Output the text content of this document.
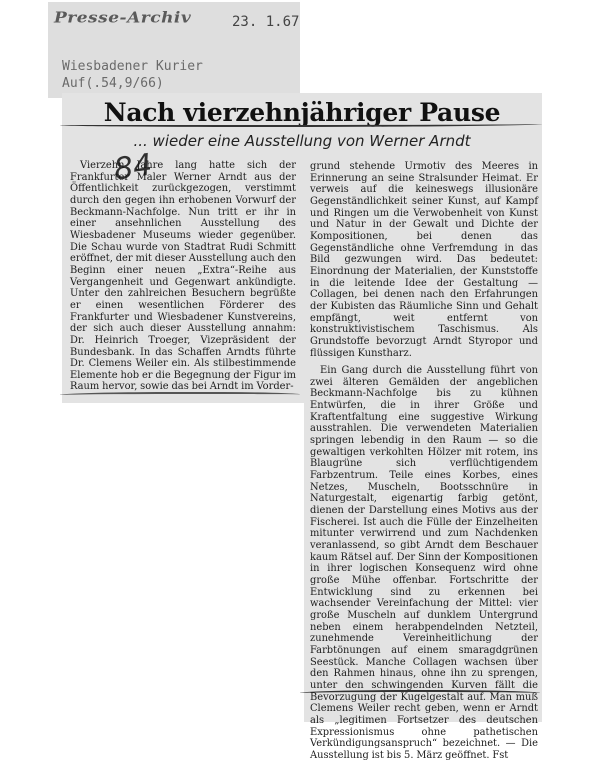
Presse-Archiv	23. 1.67
Wiesbadener Kurier
Auf(.54,9/66)
Nach vierzehnjähriger Pause
... wieder eine Ausstellung von Werner Arndt

Vierzehn Jahre lang hatte sich der Frankfurter Maler Werner Arndt aus der Öffentlichkeit zurückgezogen, verstimmt durch den gegen ihn erhobenen Vorwurf der Beckmann-Nachfolge. Nun tritt er ihr in einer ansehnlichen Ausstellung des Wiesbadener Museums wieder gegenüber. Die Schau wurde von Stadtrat Rudi Schmitt eröffnet, der mit dieser Ausstellung auch den Beginn einer neuen „Extra“-Reihe aus Vergangenheit und Gegenwart ankündigte. Unter den zahlreichen Besuchern begrüßte er einen wesentlichen Förderer des Frankfurter und Wiesbadener Kunstvereins, der sich auch dieser Ausstellung annahm: Dr. Heinrich Troeger, Vizepräsident der Bundesbank. In das Schaffen Arndts führte Dr. Clemens Weiler ein. Als stilbestimmende Elemente hob er die Begegnung der Figur im Raum hervor, sowie das bei Arndt im Vorder-

grund stehende Urmotiv des Meeres in Erinnerung an seine Stralsunder Heimat. Er verweis auf die keineswegs illusionäre Gegenständlichkeit seiner Kunst, auf Kampf und Ringen um die Verwobenheit von Kunst und Natur in der Gewalt und Dichte der Kompositionen, bei denen das Gegenständliche ohne Verfremdung in das Bild gezwungen wird. Das bedeutet: Einordnung der Materialien, der Kunststoffe in die leitende Idee der Gestaltung — Collagen, bei denen nach den Erfahrungen der Kubisten das Räumliche Sinn und Gehalt empfängt, weit entfernt von konstruktivistischem Taschismus. Als Grundstoffe bevorzugt Arndt Styropor und flüssigen Kunstharz.

Ein Gang durch die Ausstellung führt von zwei älteren Gemälden der angeblichen Beckmann-Nachfolge bis zu kühnen Entwürfen, die in ihrer Größe und Kraftentfaltung eine suggestive Wirkung ausstrahlen. Die verwendeten Materialien springen lebendig in den Raum — so die gewaltigen verkohlten Hölzer mit rotem, ins Blaugrüne sich verflüchtigendem Farbzentrum. Teile eines Korbes, eines Netzes, Muscheln, Bootsschnüre in Naturgestalt, eigenartig farbig getönt, dienen der Darstellung eines Motivs aus der Fischerei. Ist auch die Fülle der Einzelheiten mitunter verwirrend und zum Nachdenken veranlassend, so gibt Arndt dem Beschauer kaum Rätsel auf. Der Sinn der Kompositionen in ihrer logischen Konsequenz wird ohne große Mühe offenbar. Fortschritte der Entwicklung sind zu erkennen bei wachsender Vereinfachung der Mittel: vier große Muscheln auf dunklem Untergrund neben einem herabpendelnden Netzteil, zunehmende Vereinheitlichung der Farbtönungen auf einem smaragdgrünen Seestück. Manche Collagen wachsen über den Rahmen hinaus, ohne ihn zu sprengen, unter den schwingenden Kurven fällt die Bevorzugung der Kugelgestalt auf. Man muß Clemens Weiler recht geben, wenn er Arndt als „legitimen Fortsetzer des deutschen Expressionismus ohne pathetischen Verkündigungsanspruch“ bezeichnet. — Die Ausstellung ist bis 5. März geöffnet. Fst

84
